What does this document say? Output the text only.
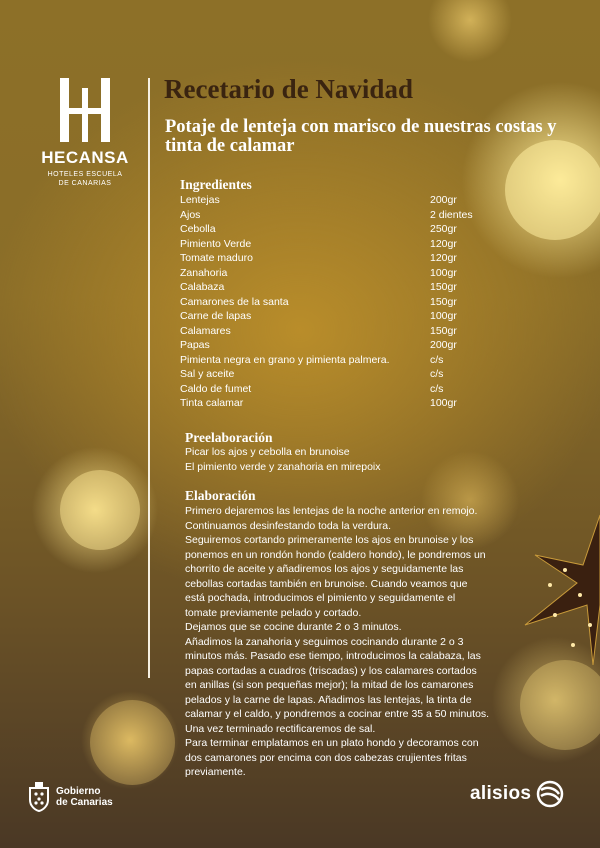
HECANSA
HOTELES ESCUELA
DE CANARIAS
Recetario de Navidad
Potaje de lenteja con marisco de nuestras costas y tinta de calamar
Ingredientes
Lentejas	200gr
Ajos	2 dientes
Cebolla	250gr
Pimiento Verde	120gr
Tomate maduro	120gr
Zanahoria	100gr
Calabaza	150gr
Camarones de la santa	150gr
Carne de lapas	100gr
Calamares	150gr
Papas	200gr
Pimienta negra en grano y pimienta palmera.	c/s
Sal y aceite	c/s
Caldo de fumet	c/s
Tinta calamar	100gr
Preelaboración
Picar los ajos y cebolla en brunoise
El pimiento verde y zanahoria en mirepoix
Elaboración
Primero dejaremos las lentejas de la noche anterior en remojo.
Continuamos desinfestando toda la verdura.
Seguiremos cortando primeramente los ajos en brunoise y los
ponemos en un rondón hondo (caldero hondo), le pondremos un
chorrito de aceite y añadiremos los ajos y seguidamente las
cebollas cortadas también en brunoise. Cuando veamos que
está pochada, introducimos el pimiento y seguidamente el
tomate previamente pelado y cortado.
Dejamos que se cocine durante 2 o 3 minutos.
Añadimos la zanahoria y seguimos cocinando durante 2 o 3
minutos más. Pasado ese tiempo, introducimos la calabaza, las
papas cortadas a cuadros (triscadas) y los calamares cortados
en anillas (si son pequeñas mejor); la mitad de los camarones
pelados y la carne de lapas. Añadimos las lentejas, la tinta de
calamar y el caldo, y pondremos a cocinar entre 35 a 50 minutos.
Una vez terminado rectificaremos de sal.
Para terminar emplatamos en un plato hondo y decoramos con
dos camarones por encima con dos cabezas crujientes fritas
previamente.
Gobierno
de Canarias	alisios
